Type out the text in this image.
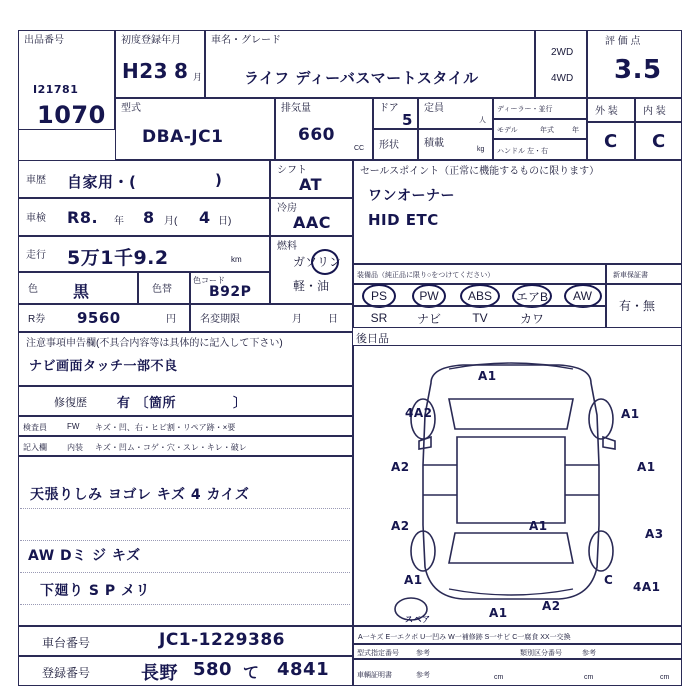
出品番号
I21781
1070
初度登録年月
H23 8 月
車名・グレード
ライフ ディーバスマートスタイル
2WD
4WD
評 価 点
3.5
型式
DBA-JC1
排気量
660
CC
ドア
5
形状
定員
人
積載
kg
ディーラー・並行
モデル	年式	年
ハンドル 左・右
外 装	内 装
C C
車歴 自家用・(	)
車検 R8.	年 8 月( 4 日)
走行 5万1千9.2	km
色 黒	色替
色コード
B92P
R券 9560	円	名変期限	月	日
シフト
AT
冷房
AAC
燃料
ガソリン
軽・油
セールスポイント（正常に機能するものに限ります）
ワンオーナー
HID ETC
装備品（純正品に限り○をつけてください）	新車保証書
PS	PW	ABS	エアB	AW
SR	ナビ	TV	カワ
有・無
後日品
注意事項申告欄(不具合内容等は具体的に記入して下さい)
ナビ画面タッチ一部不良
修復歴 有 〔箇所	〕
検査員	FW キズ・凹、右・ヒビ割・リペア跡・×要
記入欄	内装 キズ・凹ム・コゲ・穴・スレ・キレ・破レ
天張りしみ ヨゴレ キズ 4 カイズ
AW Dミ ジ キズ
下廻り S P メリ
A1
4A2	A1
A2	A1
A2	A1
A3
A1	C 4A1
A2
A1
スペア
A一キズ E一エクボ U一凹み W一補修跡 S一サビ C一腐食 XX一交換
車台番号	JC1-1229386
登録番号	長野 580 て 4841
型式指定番号 参考	類別区分番号	参考
車輌証明書	参考	cm	cm	cm
